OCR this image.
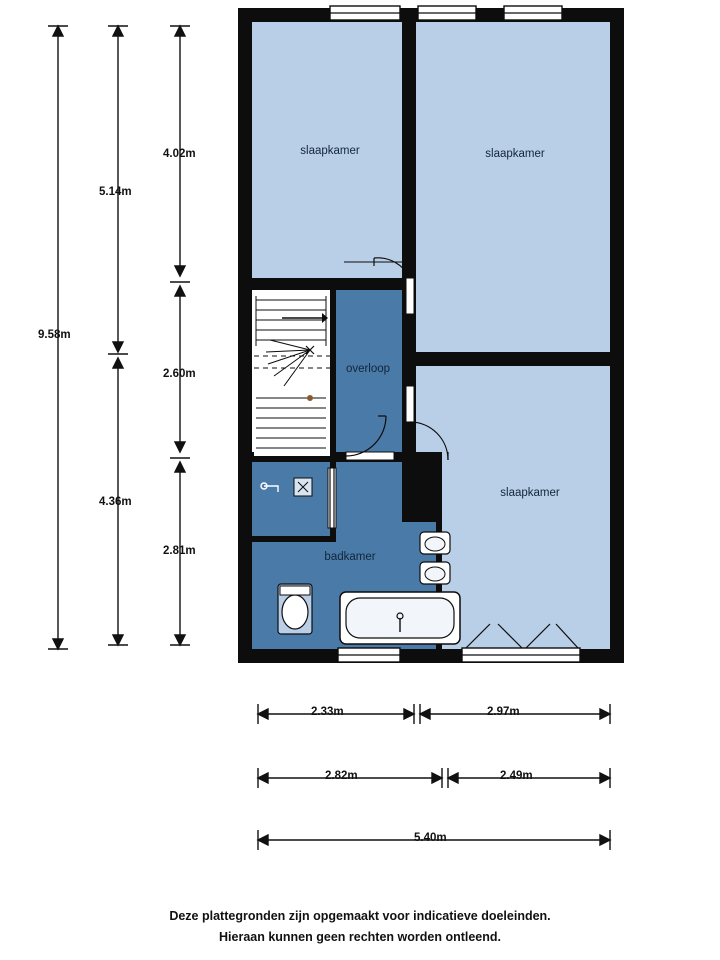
slaapkamer	slaapkamer
slaapkamer
overloop
badkamer
9.58m
5.14m
4.36m
4.02m
2.60m
2.81m
2.33m	2.97m
2.82m	2.49m
5.40m
Deze plattegronden zijn opgemaakt voor indicatieve doeleinden.
Hieraan kunnen geen rechten worden ontleend.
